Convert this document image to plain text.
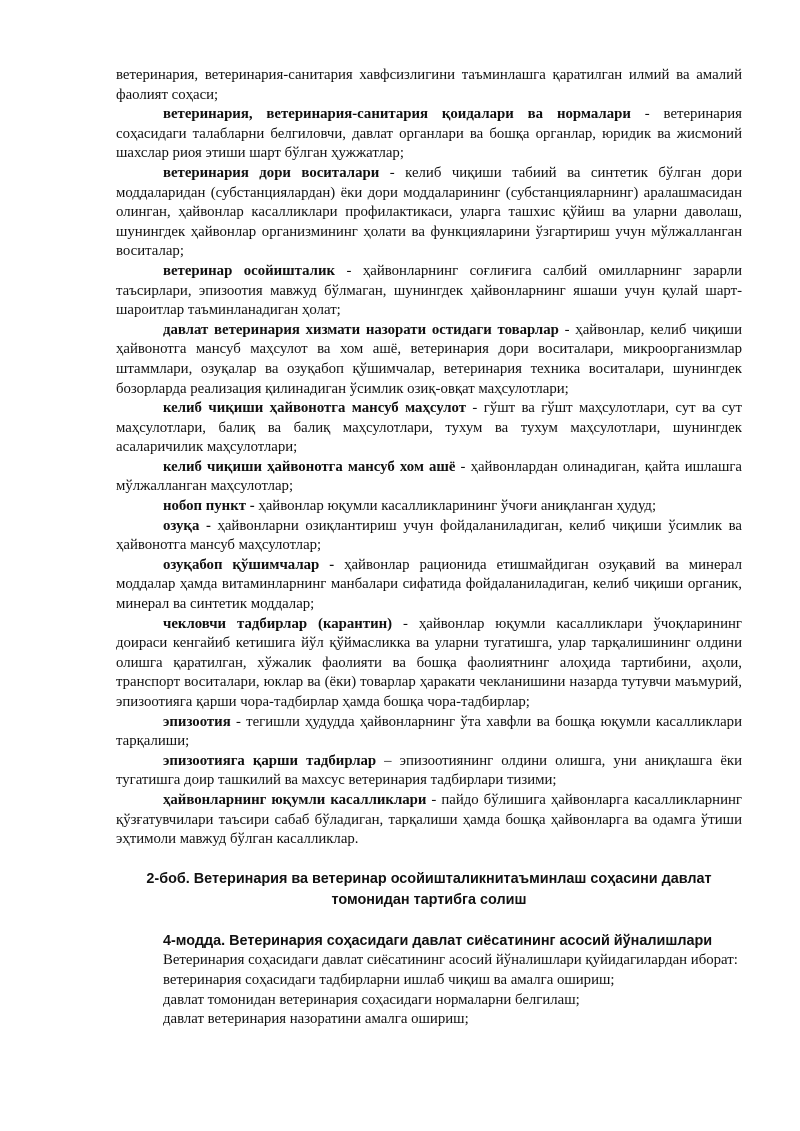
ветеринария, ветеринария-санитария хавфсизлигини таъминлашга қаратилган илмий ва амалий фаолият соҳаси;

ветеринария, ветеринария-санитария қоидалари ва нормалари - ветеринария соҳасидаги талабларни белгиловчи, давлат органлари ва бошқа органлар, юридик ва жисмоний шахслар риоя этиши шарт бўлган ҳужжатлар;

ветеринария дори воситалари - келиб чиқиши табиий ва синтетик бўлган дори моддаларидан (субстанциялардан) ёки дори моддаларининг (субстанцияларнинг) аралашмасидан олинган, ҳайвонлар касалликлари профилактикаси, уларга ташхис қўйиш ва уларни даволаш, шунингдек ҳайвонлар организмининг ҳолати ва функцияларини ўзгартириш учун мўлжалланган воситалар;

ветеринар осойишталик - ҳайвонларнинг соғлиғига салбий омилларнинг зарарли таъсирлари, эпизоотия мавжуд бўлмаган, шунингдек ҳайвонларнинг яшаши учун қулай шарт-шароитлар таъминланадиган ҳолат;

давлат ветеринария хизмати назорати остидаги товарлар - ҳайвонлар, келиб чиқиши ҳайвонотга мансуб маҳсулот ва хом ашё, ветеринария дори воситалари, микроорганизмлар штаммлари, озуқалар ва озуқабоп қўшимчалар, ветеринария техника воситалари, шунингдек бозорларда реализация қилинадиган ўсимлик озиқ-овқат маҳсулотлари;

келиб чиқиши ҳайвонотга мансуб маҳсулот - гўшт ва гўшт маҳсулотлари, сут ва сут маҳсулотлари, балиқ ва балиқ маҳсулотлари, тухум ва тухум маҳсулотлари, шунингдек асаларичилик маҳсулотлари;

келиб чиқиши ҳайвонотга мансуб хом ашё - ҳайвонлардан олинадиган, қайта ишлашга мўлжалланган маҳсулотлар;

нобоп пункт - ҳайвонлар юқумли касалликларининг ўчоғи аниқланган ҳудуд;

озуқа - ҳайвонларни озиқлантириш учун фойдаланиладиган, келиб чиқиши ўсимлик ва ҳайвонотга мансуб маҳсулотлар;

озуқабоп қўшимчалар - ҳайвонлар рационида етишмайдиган озуқавий ва минерал моддалар ҳамда витаминларнинг манбалари сифатида фойдаланиладиган, келиб чиқиши органик, минерал ва синтетик моддалар;

чекловчи тадбирлар (карантин) - ҳайвонлар юқумли касалликлари ўчоқларининг доираси кенгайиб кетишига йўл қўймасликка ва уларни тугатишга, улар тарқалишининг олдини олишга қаратилган, хўжалик фаолияти ва бошқа фаолиятнинг алоҳида тартибини, аҳоли, транспорт воситалари, юклар ва (ёки) товарлар ҳаракати чекланишини назарда тутувчи маъмурий, эпизоотияга қарши чора-тадбирлар ҳамда бошқа чора-тадбирлар;

эпизоотия - тегишли ҳудудда ҳайвонларнинг ўта хавфли ва бошқа юқумли касалликлари тарқалиши;

эпизоотияга қарши тадбирлар – эпизоотиянинг олдини олишга, уни аниқлашга ёки тугатишга доир ташкилий ва махсус ветеринария тадбирлари тизими;

ҳайвонларнинг юқумли касалликлари - пайдо бўлишига ҳайвонларга касалликларнинг қўзғатувчилари таъсири сабаб бўладиган, тарқалиши ҳамда бошқа ҳайвонларга ва одамга ўтиши эҳтимоли мавжуд бўлган касалликлар.

2-боб. Ветеринария ва ветеринар осойишталикнитаъминлаш соҳасини давлат томонидан тартибга солиш

4-модда. Ветеринария соҳасидаги давлат сиёсатининг асосий йўналишлари

Ветеринария соҳасидаги давлат сиёсатининг асосий йўналишлари қуйидагилардан иборат:

ветеринария соҳасидаги тадбирларни ишлаб чиқиш ва амалга ошириш;

давлат томонидан ветеринария соҳасидаги нормаларни белгилаш;

давлат ветеринария назоратини амалга ошириш;
